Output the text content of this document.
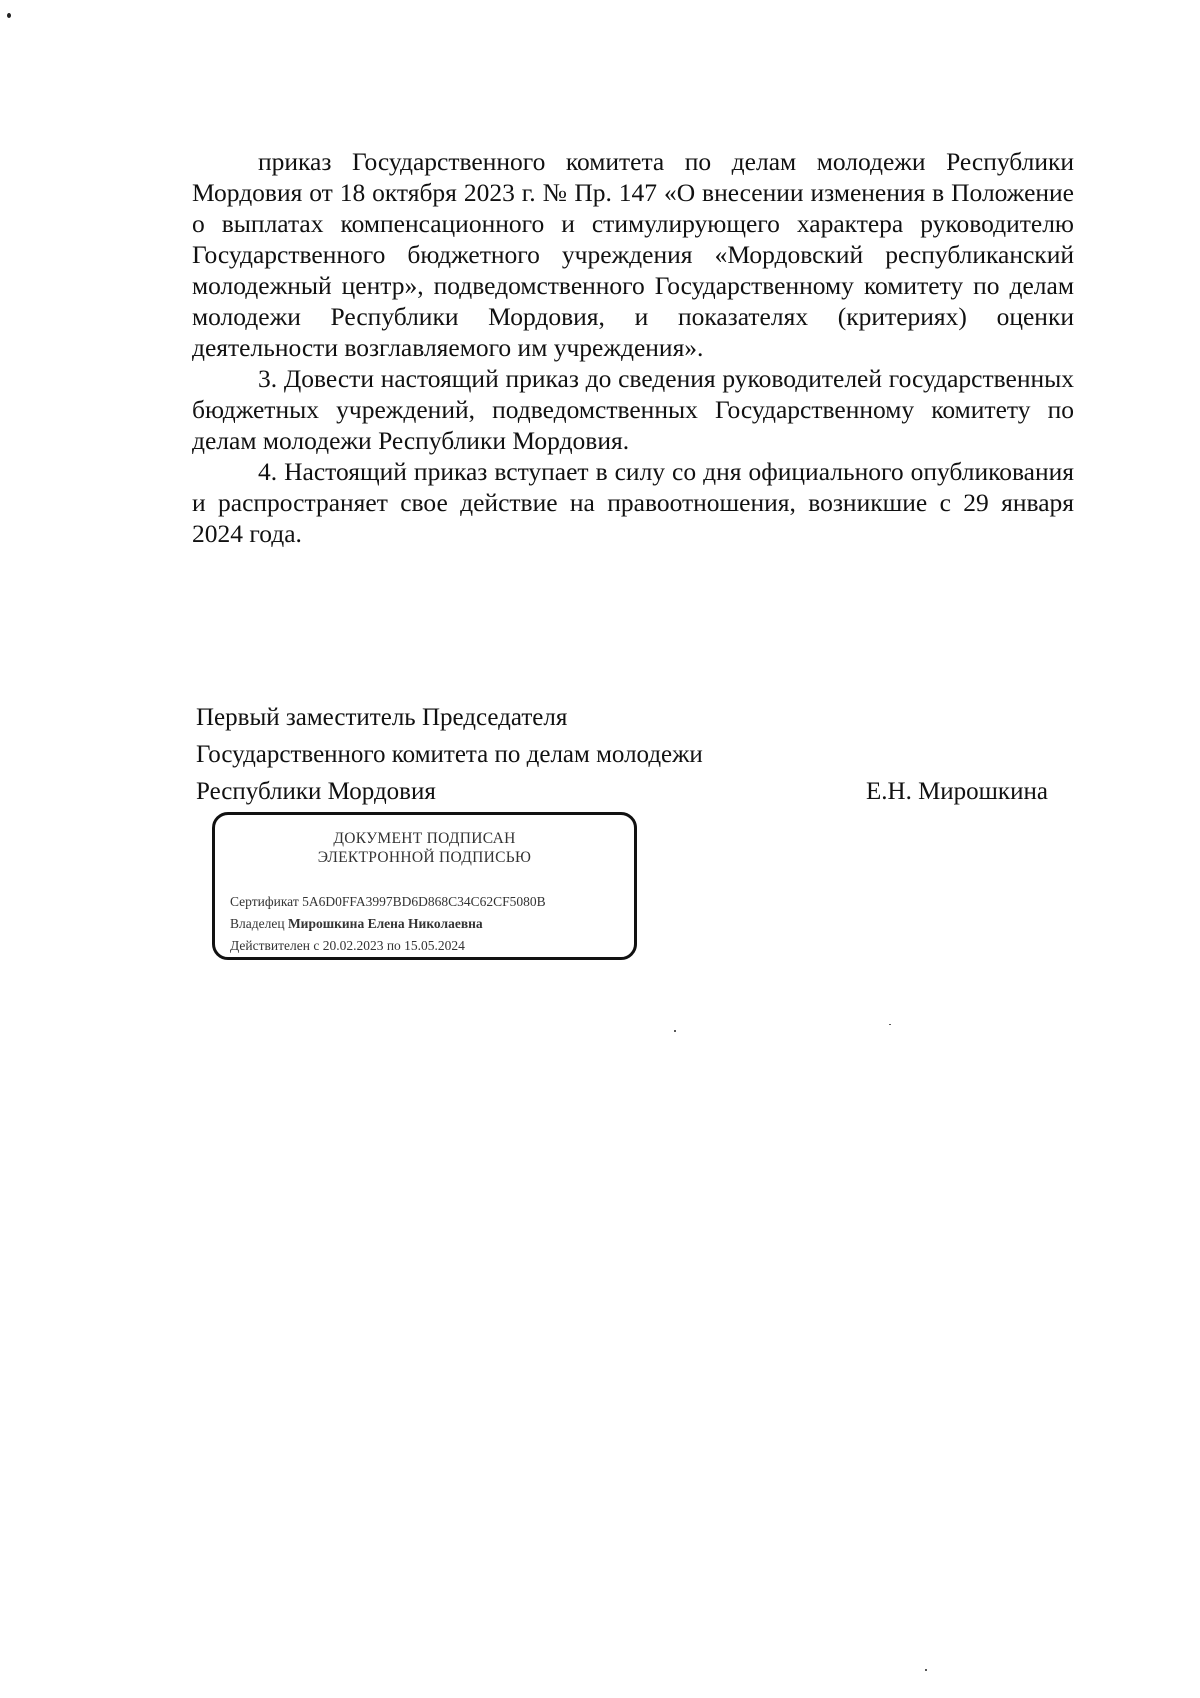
приказ Государственного комитета по делам молодежи Республики Мордовия от 18 октября 2023 г. № Пр. 147 «О внесении изменения в Положение о выплатах компенсационного и стимулирующего характера руководителю Государственного бюджетного учреждения «Мордовский республиканский молодежный центр», подведомственного Государственному комитету по делам молодежи Республики Мордовия, и показателях (критериях) оценки деятельности возглавляемого им учреждения».

3. Довести настоящий приказ до сведения руководителей государственных бюджетных учреждений, подведомственных Государственному комитету по делам молодежи Республики Мордовия.

4. Настоящий приказ вступает в силу со дня официального опубликования и распространяет свое действие на правоотношения, возникшие с 29 января 2024 года.

Первый заместитель Председателя
Государственного комитета по делам молодежи
Республики Мордовия	Е.Н. Мирошкина
ДОКУМЕНТ ПОДПИСАН
ЭЛЕКТРОННОЙ ПОДПИСЬЮ
Сертификат 5A6D0FFA3997BD6D868C34C62CF5080B
Владелец Мирошкина Елена Николаевна
Действителен с 20.02.2023 по 15.05.2024
